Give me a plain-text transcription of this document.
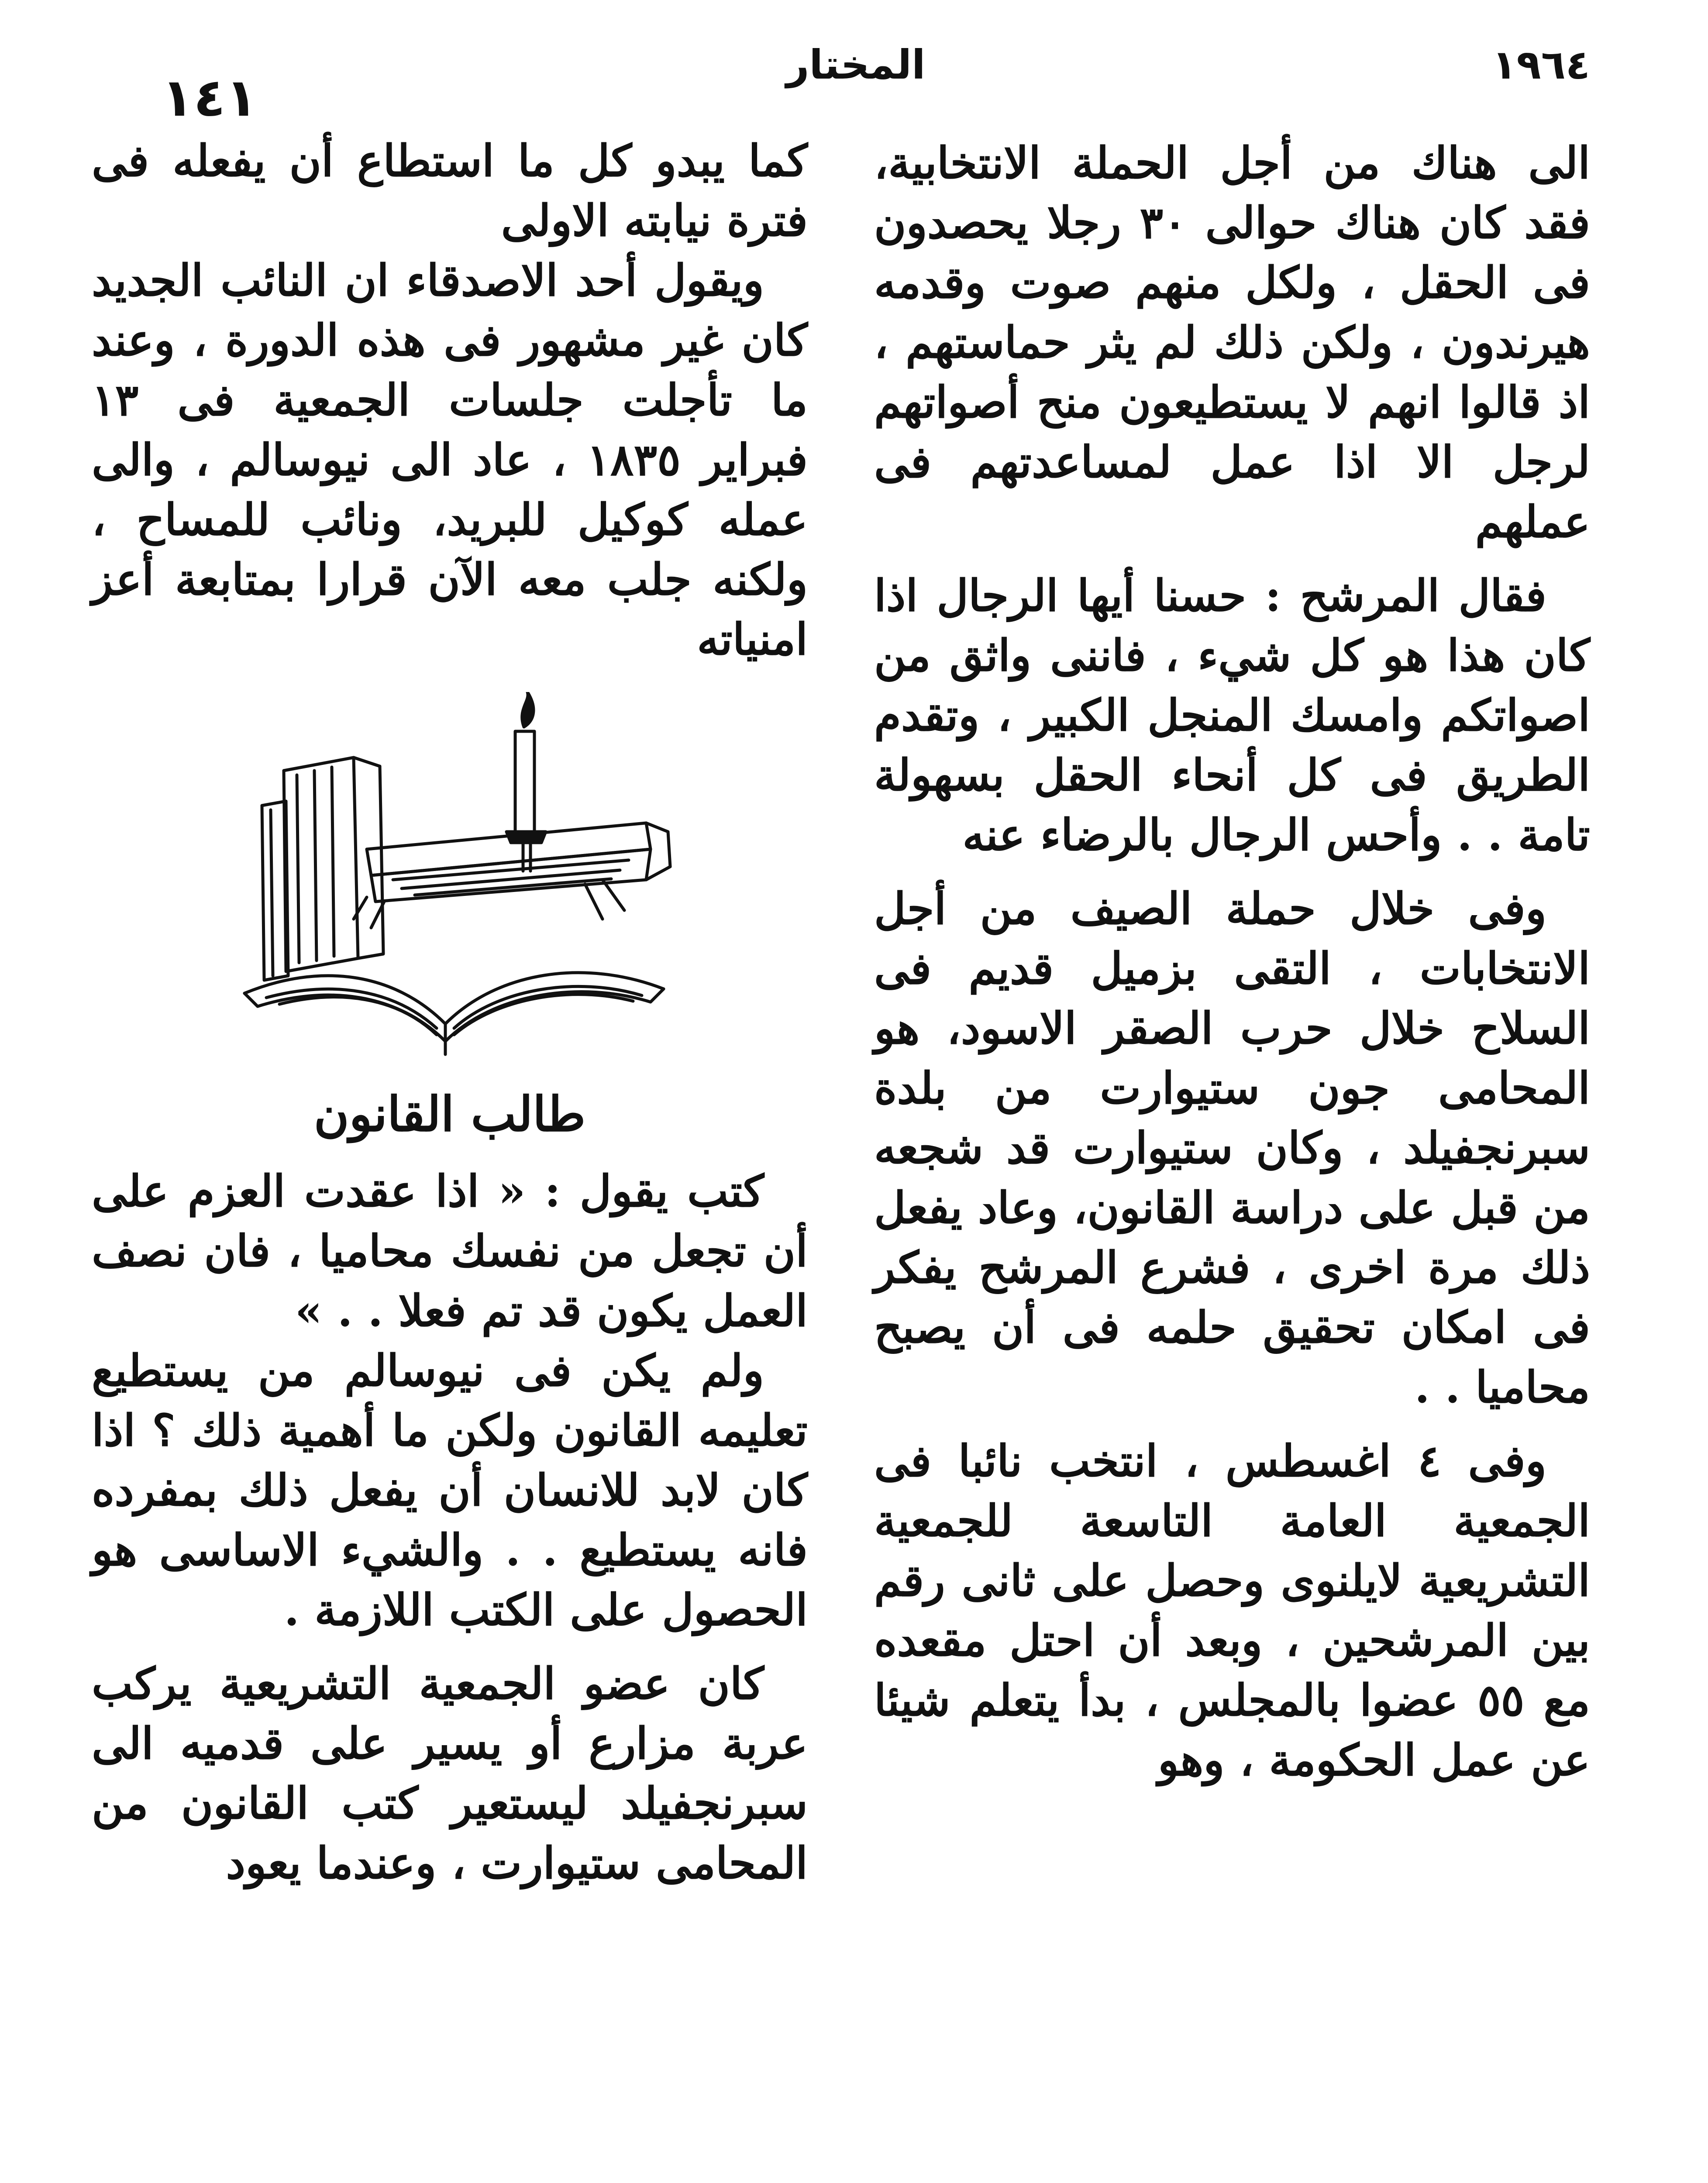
١٩٦٤
المختار
١٤١

الى هناك من أجل الحملة الانتخابية، فقد كان هناك حوالى ٣٠ رجلا يحصدون فى الحقل ، ولكل منهم صوت وقدمه هيرندون ، ولكن ذلك لم يثر حماستهم ، اذ قالوا انهم لا يستطيعون منح أصواتهم لرجل الا اذا عمل لمساعدتهم فى عملهم

فقال المرشح : حسنا أيها الرجال اذا كان هذا هو كل شيء ، فاننى واثق من اصواتكم وامسك المنجل الكبير ، وتقدم الطريق فى كل أنحاء الحقل بسهولة تامة . . وأحس الرجال بالرضاء عنه

وفى خلال حملة الصيف من أجل الانتخابات ، التقى بزميل قديم فى السلاح خلال حرب الصقر الاسود، هو المحامى جون ستيوارت من بلدة سبرنجفيلد ، وكان ستيوارت قد شجعه من قبل على دراسة القانون، وعاد يفعل ذلك مرة اخرى ، فشرع المرشح يفكر فى امكان تحقيق حلمه فى أن يصبح محاميا . .

وفى ٤ اغسطس ، انتخب نائبا فى الجمعية العامة التاسعة للجمعية التشريعية لايلنوى وحصل على ثانى رقم بين المرشحين ، وبعد أن احتل مقعده مع ٥٥ عضوا بالمجلس ، بدأ يتعلم شيئا عن عمل الحكومة ، وهو

كما يبدو كل ما استطاع أن يفعله فى فترة نيابته الاولى

ويقول أحد الاصدقاء ان النائب الجديد كان غير مشهور فى هذه الدورة ، وعند ما تأجلت جلسات الجمعية فى ١٣ فبراير ١٨٣٥ ، عاد الى نيوسالم ، والى عمله كوكيل للبريد، ونائب للمساح ، ولكنه جلب معه الآن قرارا بمتابعة أعز امنياته

طالب القانون

كتب يقول : « اذا عقدت العزم على أن تجعل من نفسك محاميا ، فان نصف العمل يكون قد تم فعلا . . »

ولم يكن فى نيوسالم من يستطيع تعليمه القانون ولكن ما أهمية ذلك ؟ اذا كان لابد للانسان أن يفعل ذلك بمفرده فانه يستطيع . . والشيء الاساسى هو الحصول على الكتب اللازمة .

كان عضو الجمعية التشريعية يركب عربة مزارع أو يسير على قدميه الى سبرنجفيلد ليستعير كتب القانون من المحامى ستيوارت ، وعندما يعود
